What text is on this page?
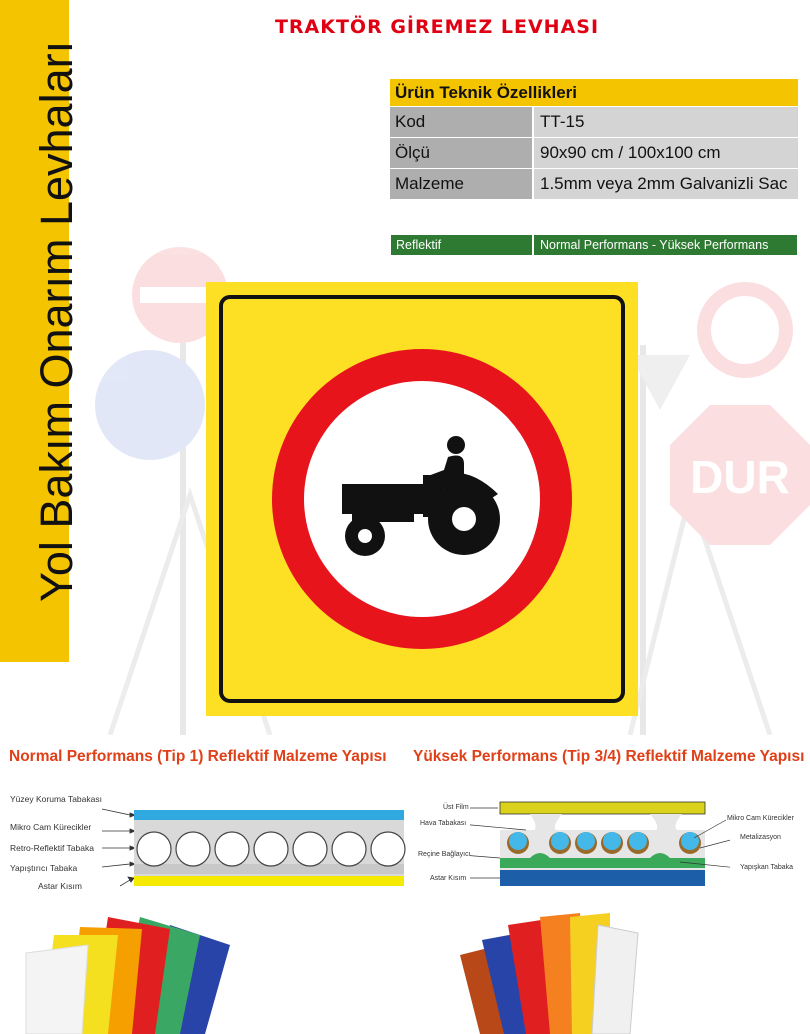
DUR
Yol Bakım Onarım Levhaları
TRAKTÖR GİREMEZ LEVHASI
Ürün Teknik Özellikleri
Kod	TT-15
Ölçü	90x90 cm / 100x100 cm
Malzeme	1.5mm veya 2mm Galvanizli Sac
Reflektif	Normal Performans - Yüksek Performans
Normal Performans (Tip 1) Reflektif Malzeme Yapısı Yüksek Performans (Tip 3/4) Reflektif Malzeme Yapısı
Yüzey Koruma Tabakası
Mikro Cam Kürecikler
Retro-Reflektif Tabaka
Yapıştırıcı Tabaka
Astar Kısım
Üst Film
Hava Tabakası
Reçine Bağlayıcı
Astar Kısım
Mikro Cam Kürecikler
Metalizasyon
Yapışkan Tabaka
